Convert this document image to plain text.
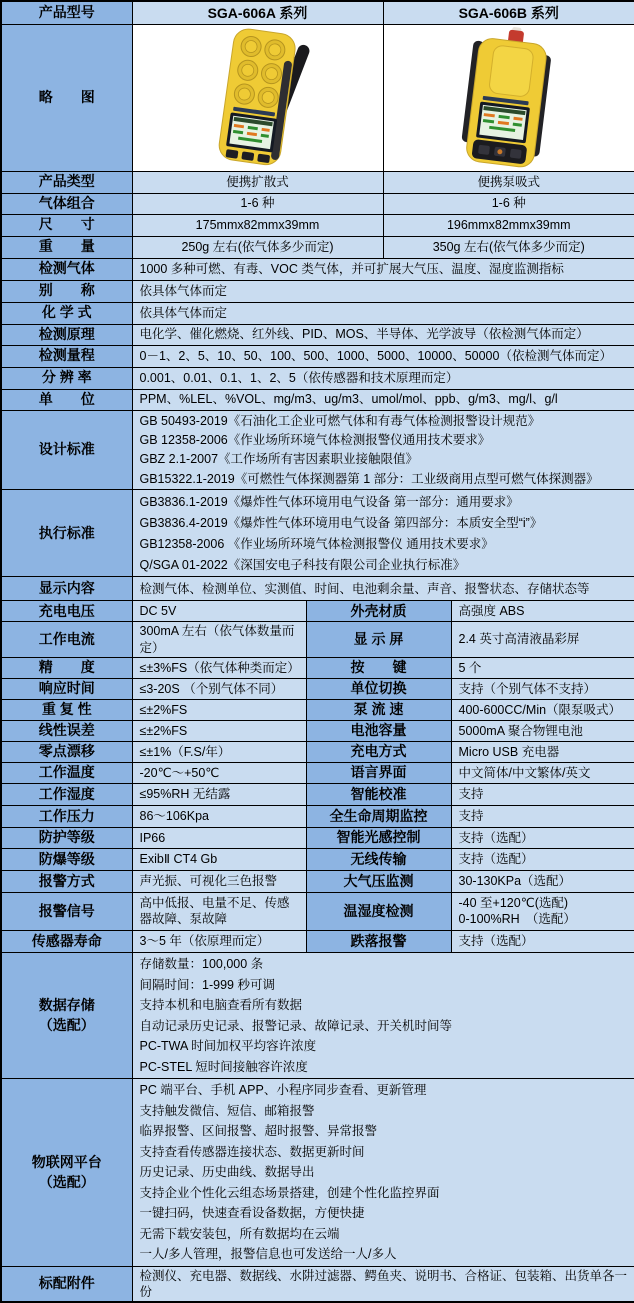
产品型号	SGA-606A 系列		SGA-606B 系列	
略　　图	

产品类型	便携扩散式		便携泵吸式	
气体组合	1-6 种		1-6 种	
尺　　寸	175mmx82mmx39mm		196mmx82mmx39mm	
重　　量	250g 左右(依气体多少而定)		350g 左右(依气体多少而定)	
检测气体	1000 多种可燃、有毒、VOC 类气体，并可扩展大气压、温度、湿度监测指标			
别　　称	依具体气体而定			
化 学 式	依具体气体而定			
检测原理	电化学、催化燃烧、红外线、PID、MOS、半导体、光学波导（依检测气体而定）			
检测量程	0－1、2、5、10、50、100、500、1000、5000、10000、50000（依检测气体而定）			
分 辨 率	0.001、0.01、0.1、1、2、5（依传感器和技术原理而定）			
单　　位	PPM、%LEL、%VOL、mg/m3、ug/m3、umol/mol、ppb、g/m3、mg/l、g/l			
设计标准	GB 50493-2019《石油化工企业可燃气体和有毒气体检测报警设计规范》
GB 12358-2006《作业场所环境气体检测报警仪通用技术要求》
GBZ 2.1-2007《工作场所有害因素职业接触限值》
GB15322.1-2019《可燃性气体探测器第 1 部分：工业级商用点型可燃气体探测器》			

执行标准	GB3836.1-2019《爆炸性气体环境用电气设备 第一部分：通用要求》
GB3836.4-2019《爆炸性气体环境用电气设备 第四部分：本质安全型“i”》
GB12358-2006 《作业场所环境气体检测报警仪 通用技术要求》
Q/SGA 01-2022《深国安电子科技有限公司企业执行标准》			

显示内容	检测气体、检测单位、实测值、时间、电池剩余量、声音、报警状态、存储状态等			
充电电压	DC 5V	外壳材质		高强度 ABS
工作电流	300mA 左右（依气体数量而定）	显 示 屏		2.4 英寸高清液晶彩屏
精　　度	≤±3%FS（依气体种类而定）	按　　键		5 个
响应时间	≤3-20S （个别气体不同）	单位切换		支持（个别气体不支持）
重 复 性	≤±2%FS	泵 流 速		400-600CC/Min（限泵吸式）
线性误差	≤±2%FS	电池容量		5000mA 聚合物锂电池
零点漂移	≤±1%（F.S/年）	充电方式		Micro USB 充电器
工作温度	-20℃～+50℃	语言界面		中文简体/中文繁体/英文
工作湿度	≤95%RH 无结露	智能校准		支持
工作压力	86～106Kpa	全生命周期监控		支持
防护等级	IP66	智能光感控制		支持（选配）
防爆等级	ExibⅡ CT4 Gb	无线传输		支持（选配）
报警方式	声光振、可视化三色报警	大气压监测		30-130KPa（选配）
报警信号	高中低报、电量不足、传感器故障、泵故障	温湿度检测		-40 至+120℃(选配)
0-100%RH　（选配）

传感器寿命	3～5 年（依原理而定）	跌落报警		支持（选配）

数据存储
（选配）

存储数量：100,000 条
间隔时间：1-999 秒可调
支持本机和电脑查看所有数据
自动记录历史记录、报警记录、故障记录、开关机时间等
PC-TWA 时间加权平均容许浓度
PC-STEL 短时间接触容许浓度

物联网平台
（选配）

PC 端平台、手机 APP、小程序同步查看、更新管理
支持触发微信、短信、邮箱报警
临界报警、区间报警、超时报警、异常报警
支持查看传感器连接状态、数据更新时间
历史记录、历史曲线、数据导出
支持企业个性化云组态场景搭建，创建个性化监控界面
一键扫码，快速查看设备数据，方便快捷
无需下载安装包，所有数据均在云端
一人/多人管理，报警信息也可发送给一人/多人

标配附件	检测仪、充电器、数据线、水阱过滤器、鳄鱼夹、说明书、合格证、包装箱、出货单各一份			
